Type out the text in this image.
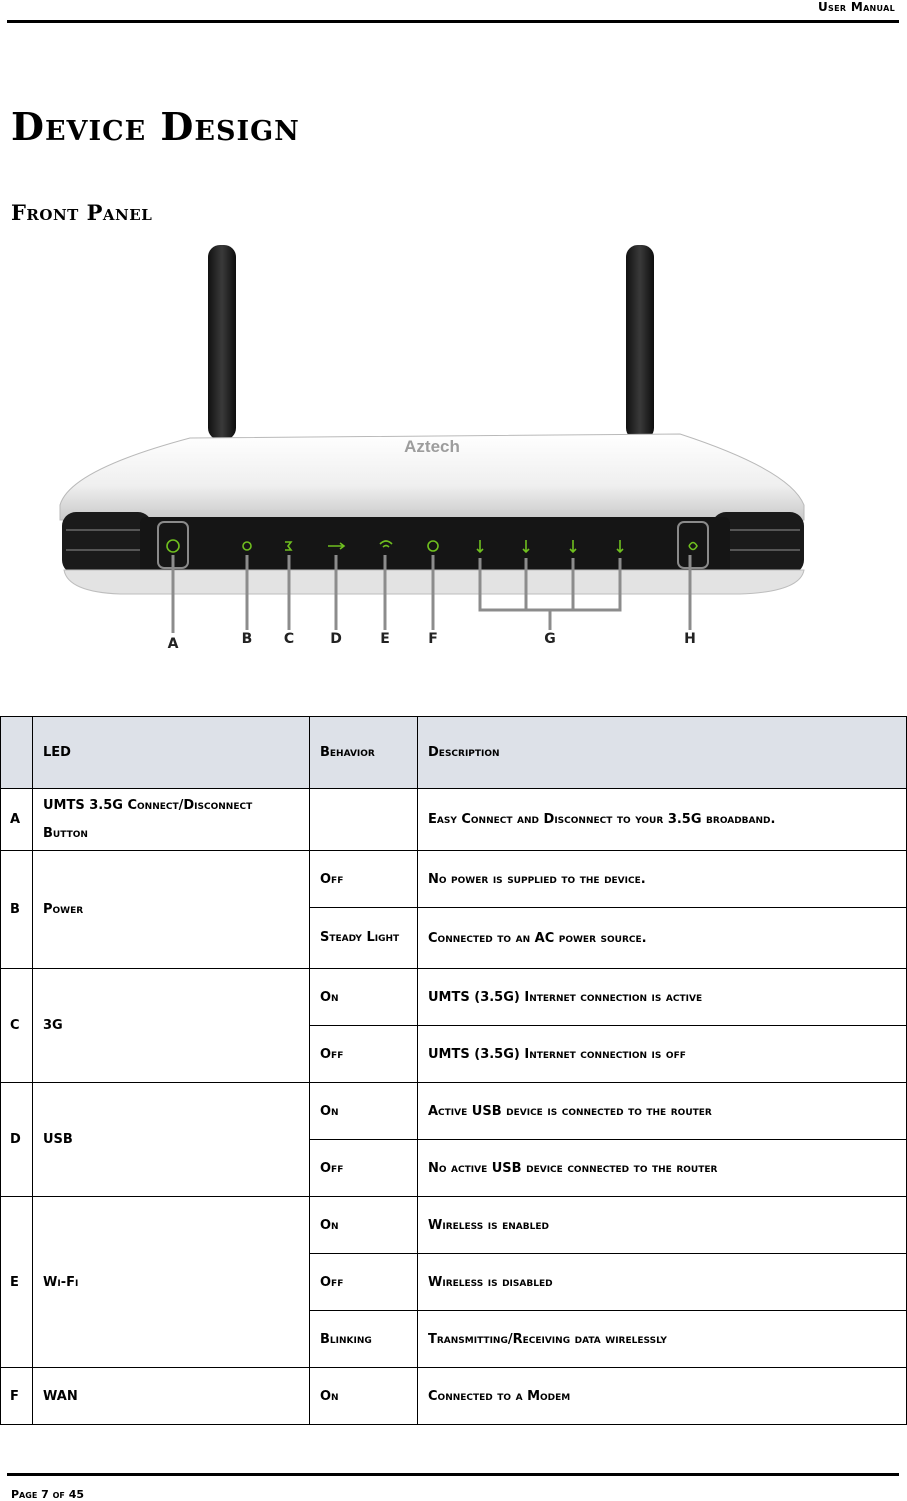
User Manual
Device Design
Front Panel
Aztech
A	B C	D	E	F	G	H
	LED	Behavior	Description
A	UMTS 3.5G Connect/Disconnect Button		Easy Connect and Disconnect to your 3.5G broadband.
B	Power	Off	No power is supplied to the device.

		Steady Light	Connected to an AC power source.
C	3G	On	UMTS (3.5G) Internet connection is active
		Off	UMTS (3.5G) Internet connection is off
D	USB	On	Active USB device is connected to the router
		Off	No active USB device connected to the router
E	Wi-Fi	On	Wireless is enabled
		Off	Wireless is disabled
		Blinking	Transmitting/Receiving data wirelessly
F	WAN	On	Connected to a Modem
Page 7 of 45
